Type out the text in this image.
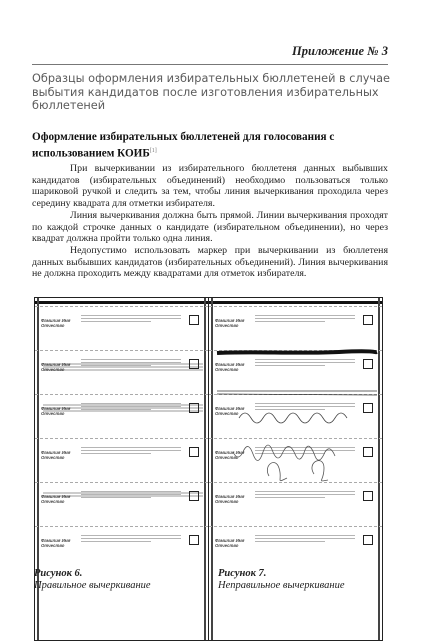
Приложение № 3
Образцы оформления избирательных бюллетеней в случае выбытия кандидатов после изготовления избирательных бюллетеней
Оформление избирательных бюллетеней для голосования с использованием КОИБ[1]

При вычеркивании из избирательного бюллетеня данных выбывших кандидатов (избирательных объединений) необходимо пользоваться только шариковой ручкой и следить за тем, чтобы линия вычеркивания проходила через середину квадрата для отметки избирателя.

Линия вычеркивания должна быть прямой. Линии вычеркивания проходят по каждой строчке данных о кандидате (избирательном объединении), но через квадрат должна пройти только одна линия.

Недопустимо использовать маркер при вычеркивании из бюллетеня данных выбывших кандидатов (избирательных объединений). Линия вычеркивания не должна проходить между квадратами для отметок избирателя.

Фамилия Имя Отчество
Фамилия Имя Отчество
Фамилия Имя Отчество
Фамилия Имя Отчество
Фамилия Имя Отчество
Фамилия Имя Отчество
Фамилия Имя Отчество
Фамилия Имя Отчество
Фамилия Имя Отчество
Фамилия Имя Отчество
Фамилия Имя Отчество
Фамилия Имя Отчество
Рисунок 6.
Правильное вычеркивание
Рисунок 7.
Неправильное вычеркивание
